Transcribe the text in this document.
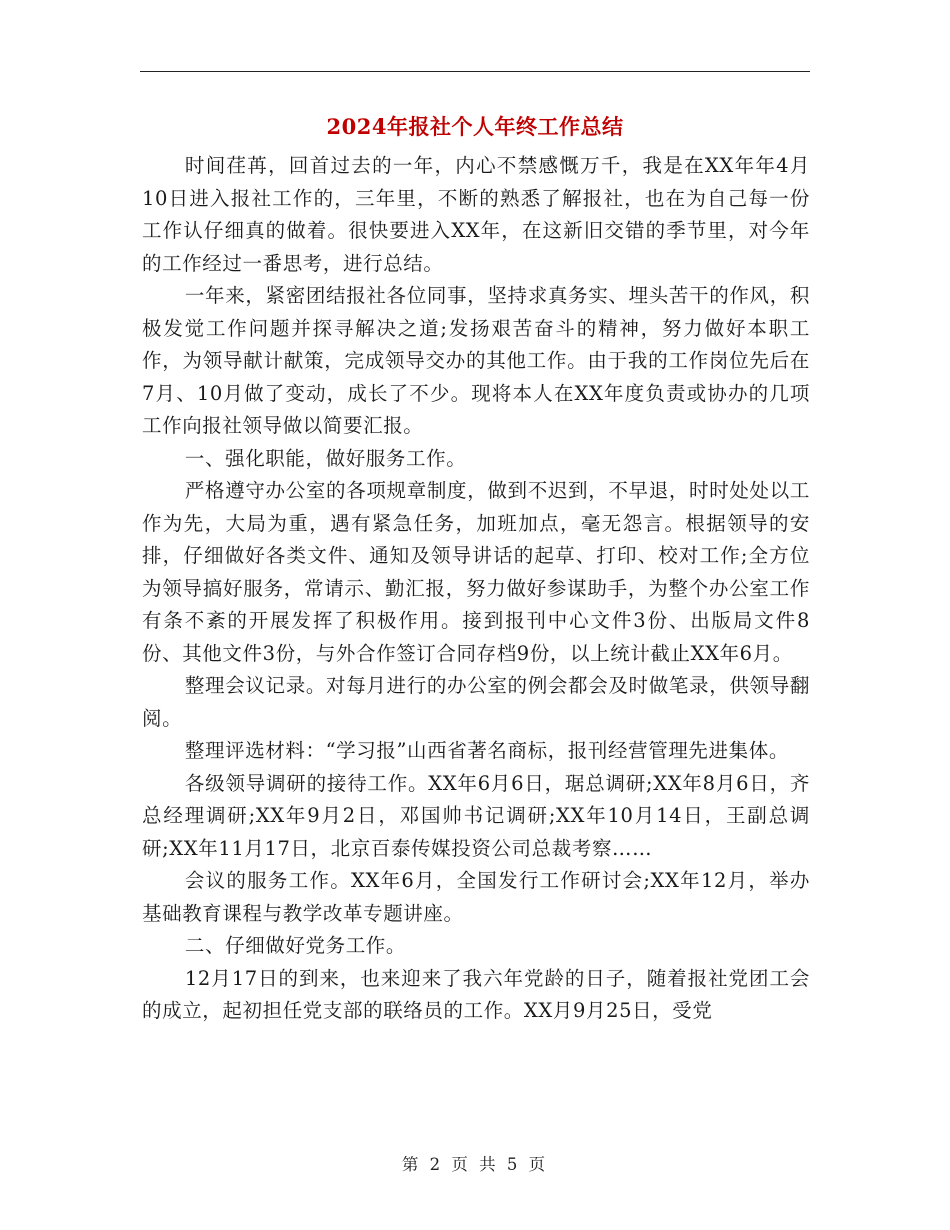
2024年报社个人年终工作总结

时间荏苒，回首过去的一年，内心不禁感慨万千，我是在XX年年4月10日进入报社工作的，三年里，不断的熟悉了解报社，也在为自己每一份工作认仔细真的做着。很快要进入XX年，在这新旧交错的季节里，对今年的工作经过一番思考，进行总结。

一年来，紧密团结报社各位同事，坚持求真务实、埋头苦干的作风，积极发觉工作问题并探寻解决之道;发扬艰苦奋斗的精神，努力做好本职工作，为领导献计献策，完成领导交办的其他工作。由于我的工作岗位先后在7月、10月做了变动，成长了不少。现将本人在XX年度负责或协办的几项工作向报社领导做以简要汇报。

一、强化职能，做好服务工作。

严格遵守办公室的各项规章制度，做到不迟到，不早退，时时处处以工作为先，大局为重，遇有紧急任务，加班加点，毫无怨言。根据领导的安排，仔细做好各类文件、通知及领导讲话的起草、打印、校对工作;全方位为领导搞好服务，常请示、勤汇报，努力做好参谋助手，为整个办公室工作有条不紊的开展发挥了积极作用。接到报刊中心文件3份、出版局文件8份、其他文件3份，与外合作签订合同存档9份，以上统计截止XX年6月。

整理会议记录。对每月进行的办公室的例会都会及时做笔录，供领导翻阅。

整理评选材料：“学习报”山西省著名商标，报刊经营管理先进集体。

各级领导调研的接待工作。XX年6月6日，琚总调研;XX年8月6日，齐总经理调研;XX年9月2日，邓国帅书记调研;XX年10月14日，王副总调研;XX年11月17日，北京百泰传媒投资公司总裁考察……

会议的服务工作。XX年6月，全国发行工作研讨会;XX年12月，举办基础教育课程与教学改革专题讲座。

二、仔细做好党务工作。

12月17日的到来，也来迎来了我六年党龄的日子，随着报社党团工会的成立，起初担任党支部的联络员的工作。XX月9月25日，受党

第 2 页 共 5 页
